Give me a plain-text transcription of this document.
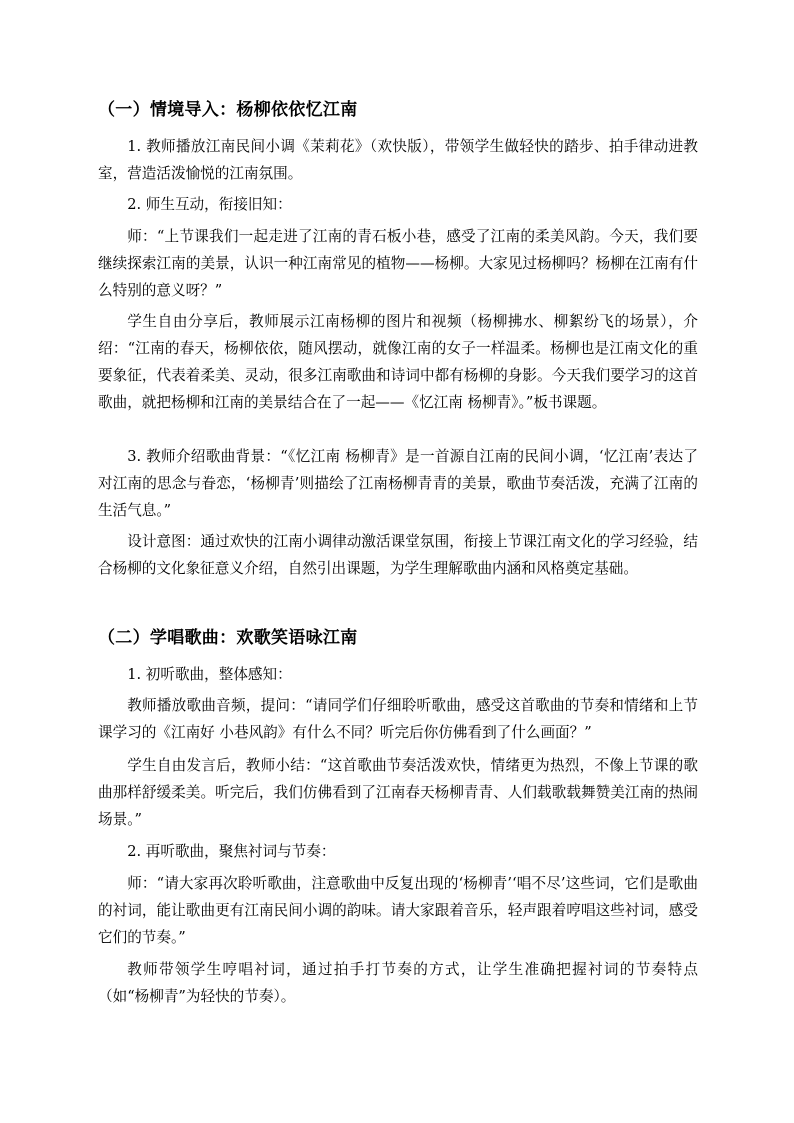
（一）情境导入：杨柳依依忆江南

1. 教师播放江南民间小调《茉莉花》（欢快版），带领学生做轻快的踏步、拍手律动进教室，营造活泼愉悦的江南氛围。

2. 师生互动，衔接旧知：

师：“上节课我们一起走进了江南的青石板小巷，感受了江南的柔美风韵。今天，我们要继续探索江南的美景，认识一种江南常见的植物——杨柳。大家见过杨柳吗？杨柳在江南有什么特别的意义呀？”

学生自由分享后，教师展示江南杨柳的图片和视频（杨柳拂水、柳絮纷飞的场景），介绍：“江南的春天，杨柳依依，随风摆动，就像江南的女子一样温柔。杨柳也是江南文化的重要象征，代表着柔美、灵动，很多江南歌曲和诗词中都有杨柳的身影。今天我们要学习的这首歌曲，就把杨柳和江南的美景结合在了一起——《忆江南 杨柳青》。”板书课题。

3. 教师介绍歌曲背景：“《忆江南 杨柳青》是一首源自江南的民间小调，‘忆江南’表达了对江南的思念与眷恋，‘杨柳青’则描绘了江南杨柳青青的美景，歌曲节奏活泼，充满了江南的生活气息。”

设计意图：通过欢快的江南小调律动激活课堂氛围，衔接上节课江南文化的学习经验，结合杨柳的文化象征意义介绍，自然引出课题，为学生理解歌曲内涵和风格奠定基础。

（二）学唱歌曲：欢歌笑语咏江南

1. 初听歌曲，整体感知：

教师播放歌曲音频，提问：“请同学们仔细聆听歌曲，感受这首歌曲的节奏和情绪和上节课学习的《江南好 小巷风韵》有什么不同？听完后你仿佛看到了什么画面？”

学生自由发言后，教师小结：“这首歌曲节奏活泼欢快，情绪更为热烈，不像上节课的歌曲那样舒缓柔美。听完后，我们仿佛看到了江南春天杨柳青青、人们载歌载舞赞美江南的热闹场景。”

2. 再听歌曲，聚焦衬词与节奏：

师：“请大家再次聆听歌曲，注意歌曲中反复出现的‘杨柳青’‘唱不尽’这些词，它们是歌曲的衬词，能让歌曲更有江南民间小调的韵味。请大家跟着音乐，轻声跟着哼唱这些衬词，感受它们的节奏。”

教师带领学生哼唱衬词，通过拍手打节奏的方式，让学生准确把握衬词的节奏特点（如“杨柳青”为轻快的节奏）。
